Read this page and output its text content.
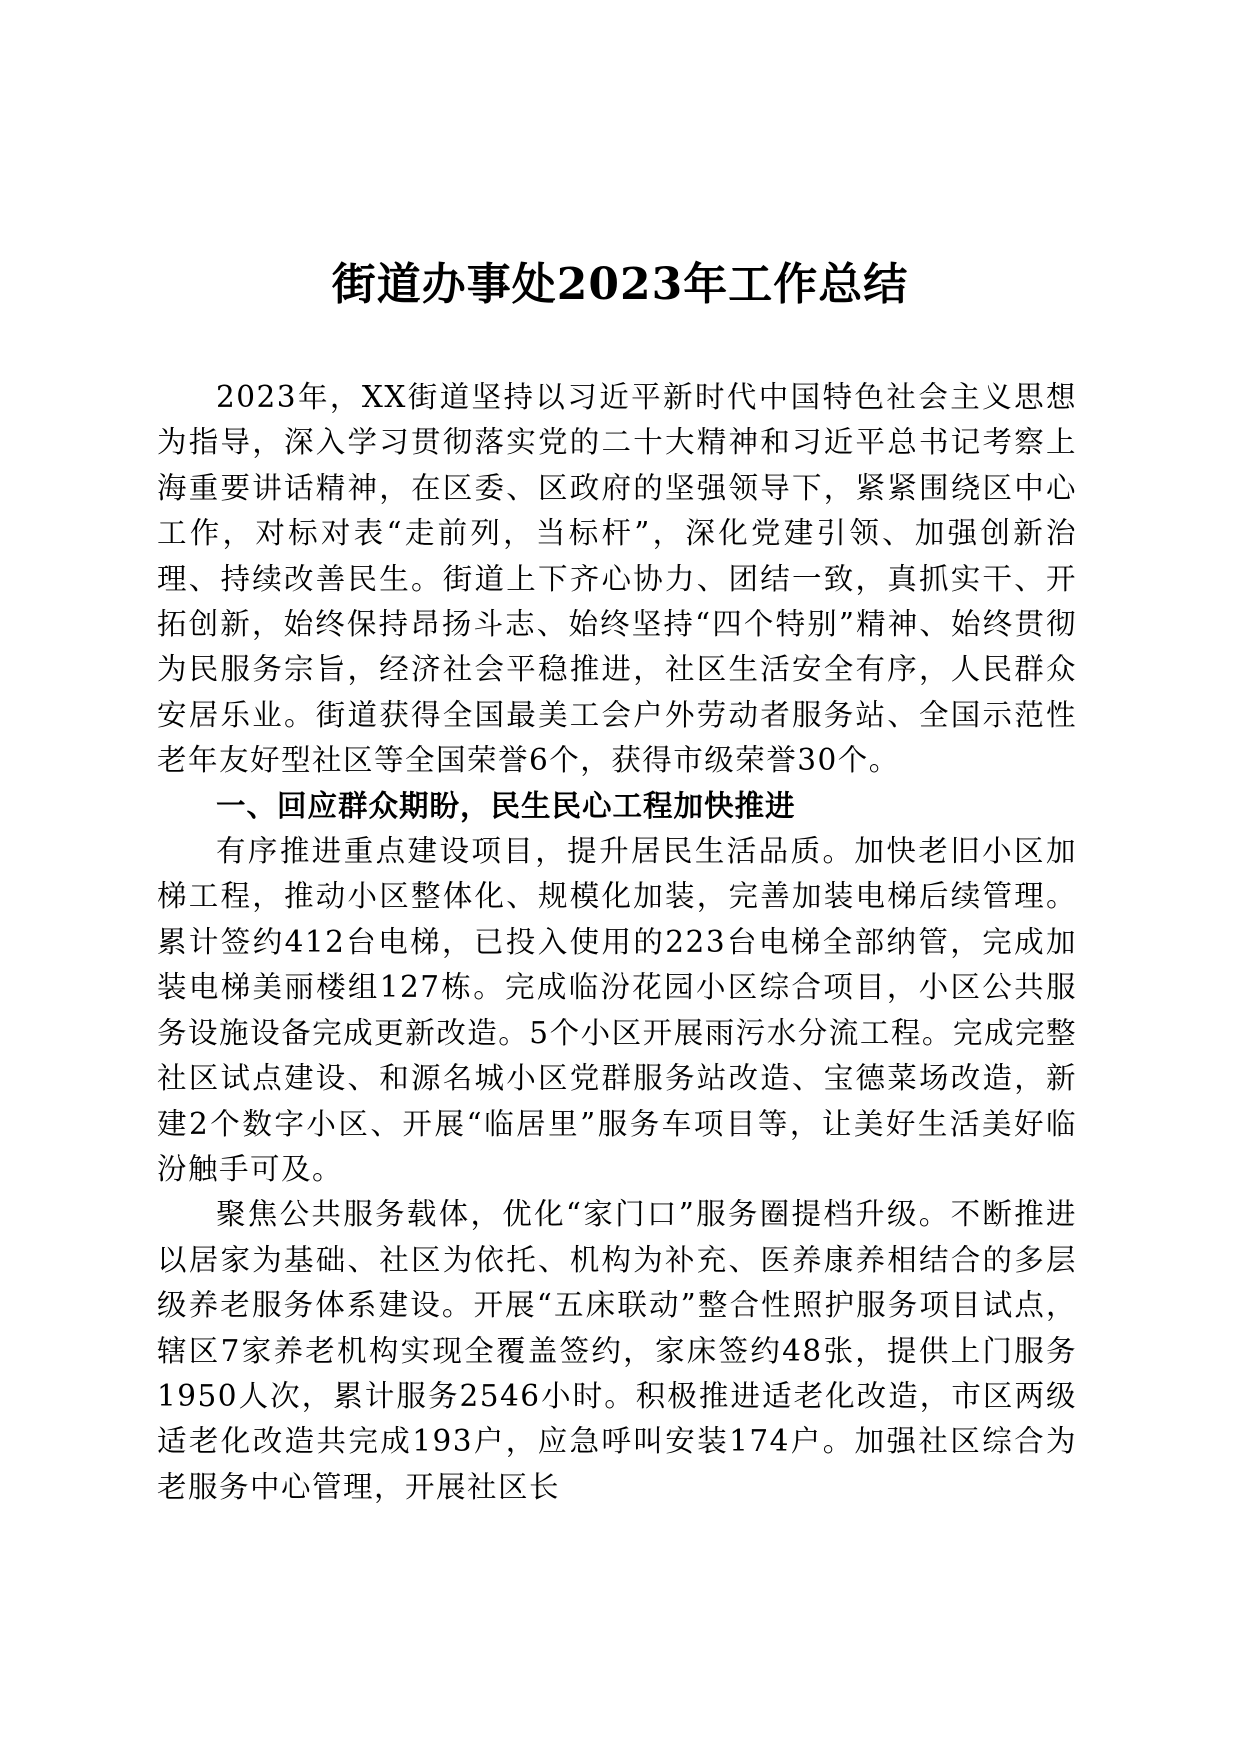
街道办事处2023年工作总结

2023年，XX街道坚持以习近平新时代中国特色社会主义思想为指导，深入学习贯彻落实党的二十大精神和习近平总书记考察上海重要讲话精神，在区委、区政府的坚强领导下，紧紧围绕区中心工作，对标对表“走前列，当标杆”，深化党建引领、加强创新治理、持续改善民生。街道上下齐心协力、团结一致，真抓实干、开拓创新，始终保持昂扬斗志、始终坚持“四个特别”精神、始终贯彻为民服务宗旨，经济社会平稳推进，社区生活安全有序，人民群众安居乐业。街道获得全国最美工会户外劳动者服务站、全国示范性老年友好型社区等全国荣誉6个，获得市级荣誉30个。

一、回应群众期盼，民生民心工程加快推进

有序推进重点建设项目，提升居民生活品质。加快老旧小区加梯工程，推动小区整体化、规模化加装，完善加装电梯后续管理。累计签约412台电梯，已投入使用的223台电梯全部纳管，完成加装电梯美丽楼组127栋。完成临汾花园小区综合项目，小区公共服务设施设备完成更新改造。5个小区开展雨污水分流工程。完成完整社区试点建设、和源名城小区党群服务站改造、宝德菜场改造，新建2个数字小区、开展“临居里”服务车项目等，让美好生活美好临汾触手可及。

聚焦公共服务载体，优化“家门口”服务圈提档升级。不断推进以居家为基础、社区为依托、机构为补充、医养康养相结合的多层级养老服务体系建设。开展“五床联动”整合性照护服务项目试点，辖区7家养老机构实现全覆盖签约，家床签约48张，提供上门服务1950人次，累计服务2546小时。积极推进适老化改造，市区两级适老化改造共完成193户，应急呼叫安装174户。加强社区综合为老服务中心管理，开展社区长
